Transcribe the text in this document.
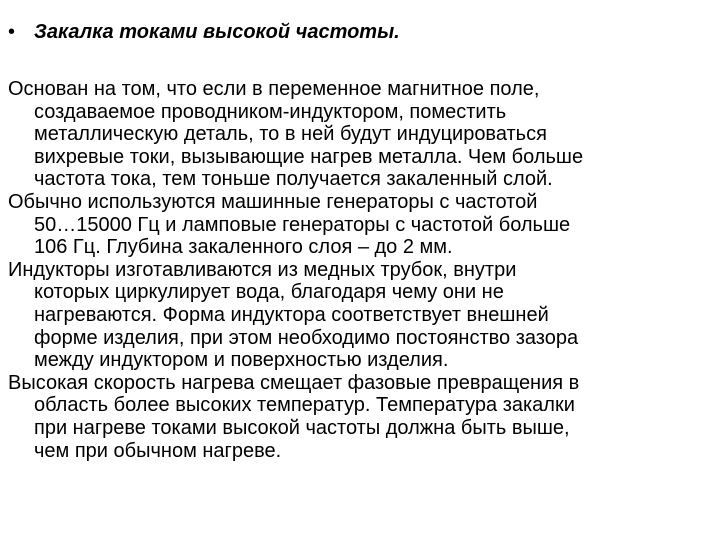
• Закалка токами высокой частоты.

Основан на том, что если в переменное магнитное поле,
создаваемое проводником-индуктором, поместить
металлическую деталь, то в ней будут индуцироваться
вихревые токи, вызывающие нагрев металла. Чем больше
частота тока, тем тоньше получается закаленный слой.

Обычно используются машинные генераторы с частотой
50…15000 Гц и ламповые генераторы с частотой больше
106 Гц. Глубина закаленного слоя – до 2 мм.

Индукторы изготавливаются из медных трубок, внутри
которых циркулирует вода, благодаря чему они не
нагреваются. Форма индуктора соответствует внешней
форме изделия, при этом необходимо постоянство зазора
между индуктором и поверхностью изделия.

Высокая скорость нагрева смещает фазовые превращения в
область более высоких температур. Температура закалки
при нагреве токами высокой частоты должна быть выше,
чем при обычном нагреве.
